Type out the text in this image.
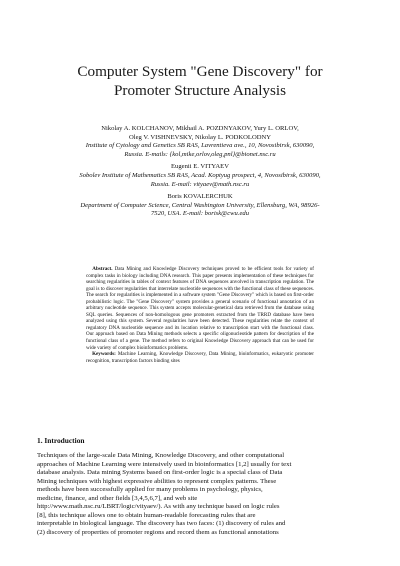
Computer System "Gene Discovery" for
Promoter Structure Analysis
Nikolay A. KOLCHANOV, Mikhail A. POZDNYAKOV, Yury L. ORLOV,
Oleg V. VISHNEVSKY, Nikolay L. PODKOLODNY
Institute of Cytology and Genetics SB RAS, Lavrentieva ave., 10, Novosibirsk, 630090,
Russia. E-mails: {kol,mike,orlov,oleg,pnl}@bionet.nsc.ru
Eugenii E. VITYAEV
Sobolev Institute of Mathematics SB RAS, Acad. Koptyug prospect, 4, Novosibirsk, 630090,
Russia. E-mail: vityaev@math.nsc.ru
Boris KOVALERCHUK
Department of Computer Science, Central Washington University, Ellensburg, WA, 98926-
7520, USA. E-mail: borisk@cwu.edu
Abstract. Data Mining and Knowledge Discovery techniques proved to be efficient tools for variety of complex tasks in biology including DNA research. This paper presents implementation of these techniques for searching regularities in tables of context features of DNA sequences anvolved in transcription regulation. The goal is to discover regularities that interrelate nucleotide sequences with the functional class of these sequences. The search for regularities is implemented in a software system "Gene Discovery" which is based on first-order probabilistic logic. The "Gene Discovery" system provides a general scenario of functional annotation of an arbitrary nucleotide sequence. This system accepts molecular-genetical data retrieved from the database using SQL queries. Sequences of non-homologous gene promoters extracted from the TRRD database have been analyzed using this system. Several regularities have been detected. These regularities relate the context of regulatory DNA nucleotide sequence and its location relative to transcription start with the functional class. Our approach based on Data Mining methods selects a specific oligonucleotide pattern for description of the functional class of a gene. The method refers to original Knowledge Discovery approach that can be used for wide variety of complex bioinformatics problems.
Keywords: Machine Learning, Knowledge Discovery, Data Mining, bioinformatics, eukaryotic promoter recognition, transcription factors binding sites
1. Introduction
Techniques of the large-scale Data Mining, Knowledge Discovery, and other computational
approaches of Machine Learning were intensively used in bioinformatics [1,2] usually for text
database analysis. Data mining Systems based on first-order logic is a special class of Data
Mining techniques with highest expressive abilities to represent complex patterns. These
methods have been successfully applied for many problems in psychology, physics,
medicine, finance, and other fields [3,4,5,6,7], and web site
http://www.math.nsc.ru/LBRT/logic/vityaev/). As with any technique based on logic rules
[8], this technique allows one to obtain human-readable forecasting rules that are
interpretable in biological language. The discovery has two faces: (1) discovery of rules and
(2) discovery of properties of promoter regions and record them as functional annotations
